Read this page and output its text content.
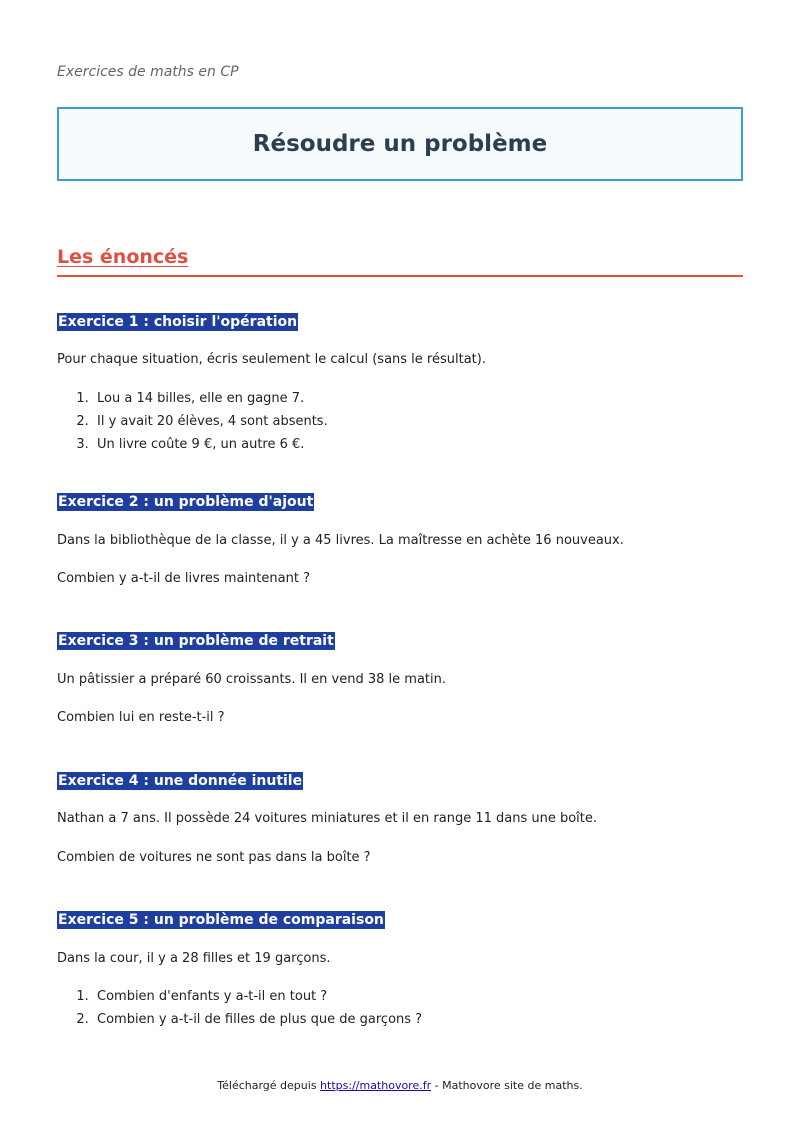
Exercices de maths en CP
Résoudre un problème
Les énoncés
Exercice 1 : choisir l'opération
Pour chaque situation, écris seulement le calcul (sans le résultat).
1.  Lou a 14 billes, elle en gagne 7.
2.  Il y avait 20 élèves, 4 sont absents.
3.  Un livre coûte 9 €, un autre 6 €.
Exercice 2 : un problème d'ajout
Dans la bibliothèque de la classe, il y a 45 livres. La maîtresse en achète 16 nouveaux.
Combien y a-t-il de livres maintenant ?
Exercice 3 : un problème de retrait
Un pâtissier a préparé 60 croissants. Il en vend 38 le matin.
Combien lui en reste-t-il ?
Exercice 4 : une donnée inutile
Nathan a 7 ans. Il possède 24 voitures miniatures et il en range 11 dans une boîte.
Combien de voitures ne sont pas dans la boîte ?
Exercice 5 : un problème de comparaison
Dans la cour, il y a 28 filles et 19 garçons.
1.  Combien d'enfants y a-t-il en tout ?
2.  Combien y a-t-il de filles de plus que de garçons ?
Téléchargé depuis https://mathovore.fr - Mathovore site de maths.
